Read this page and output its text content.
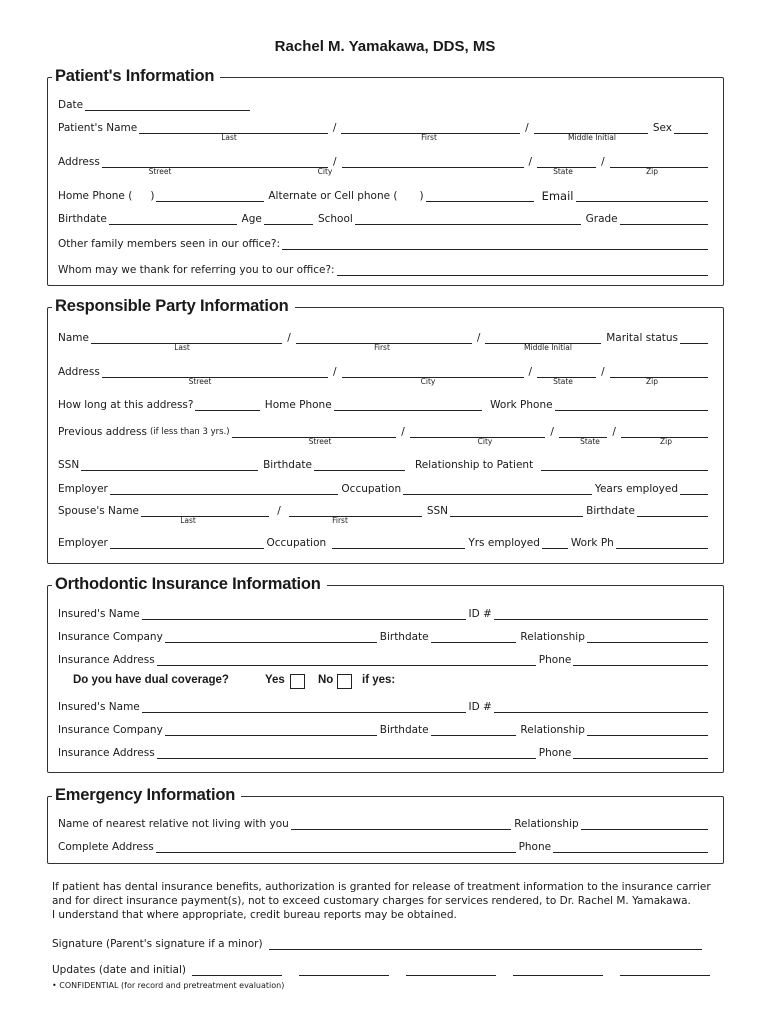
Rachel M. Yamakawa, DDS, MS
Patient's Information
Date
Patient's Name	/	/	Sex
Last	First	Middle Initial
Address	/	/	/
Street	City	State	Zip
Home Phone ( )	Alternate or Cell phone ( )	Email
Birthdate	Age	School	Grade
Other family members seen in our office?:
Whom may we thank for referring you to our office?:
Responsible Party Information
Name	/	/	Marital status
Last	First	Middle Initial
Address	/	/	/
Street	City	State	Zip
How long at this address?	Home Phone	Work Phone
Previous address (if less than 3 yrs.)	/	/	/
Street	City	State	Zip
SSN	Birthdate	Relationship to Patient
Employer	Occupation	Years employed
Spouse's Name	/	SSN	Birthdate
Last	First
Employer	Occupation	Yrs employed	Work Ph
Orthodontic Insurance Information
Insured's Name	ID #
Insurance Company	Birthdate	Relationship
Insurance Address	Phone
Do you have dual coverage?	Yes	No if yes:
Insured's Name	ID #
Insurance Company	Birthdate	Relationship
Insurance Address	Phone
Emergency Information
Name of nearest relative not living with you	Relationship
Complete Address	Phone
If patient has dental insurance benefits, authorization is granted for release of treatment information to the insurance carrier
and for direct insurance payment(s), not to exceed customary charges for services rendered, to Dr. Rachel M. Yamakawa.
I understand that where appropriate, credit bureau reports may be obtained.
Signature (Parent's signature if a minor)
Updates (date and initial)
• CONFIDENTIAL (for record and pretreatment evaluation)
